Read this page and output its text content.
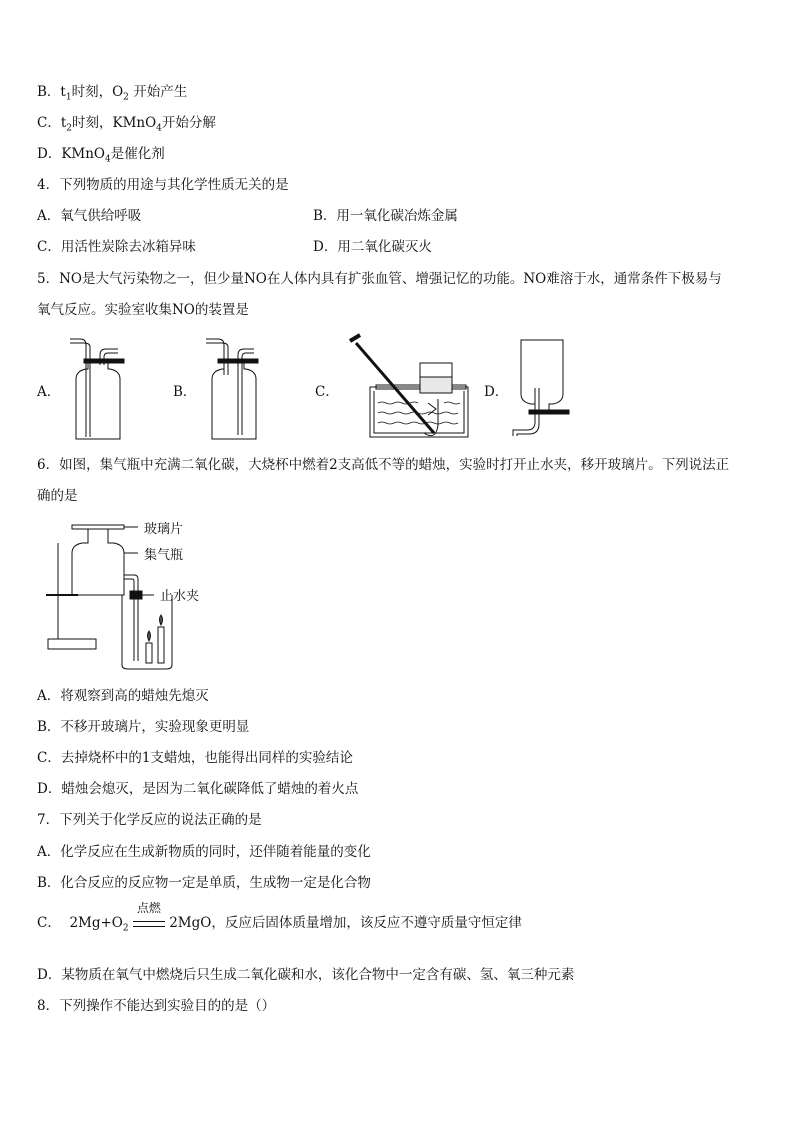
B．$t_1$时刻，$O_2$ 开始产生
C．$t_2$时刻，KMnO$_4$开始分解
D．KMnO$_4$是催化剂
4．下列物质的用途与其化学性质无关的是
A．氧气供给呼吸	B．用一氧化碳冶炼金属
C．用活性炭除去冰箱异味	D．用二氧化碳灭火
5．NO是大气污染物之一，但少量NO在人体内具有扩张血管、增强记忆的功能。NO难溶于水，通常条件下极易与
氧气反应。实验室收集NO的装置是
A．	B．	C．	D．
6．如图，集气瓶中充满二氧化碳，大烧杯中燃着2支高低不等的蜡烛，实验时打开止水夹，移开玻璃片。下列说法正
确的是
玻璃片
集气瓶
止水夹
A．将观察到高的蜡烛先熄灭
B．不移开玻璃片，实验现象更明显
C．去掉烧杯中的1支蜡烛，也能得出同样的实验结论
D．蜡烛会熄灭，是因为二氧化碳降低了蜡烛的着火点
7．下列关于化学反应的说法正确的是
A．化学反应在生成新物质的同时，还伴随着能量的变化
B．化合反应的反应物一定是单质，生成物一定是化合物
C． $2Mg+O_2$
点燃
2MgO，反应后固体质量增加，该反应不遵守质量守恒定律
D．某物质在氧气中燃烧后只生成二氧化碳和水，该化合物中一定含有碳、氢、氧三种元素
8．下列操作不能达到实验目的的是（）
